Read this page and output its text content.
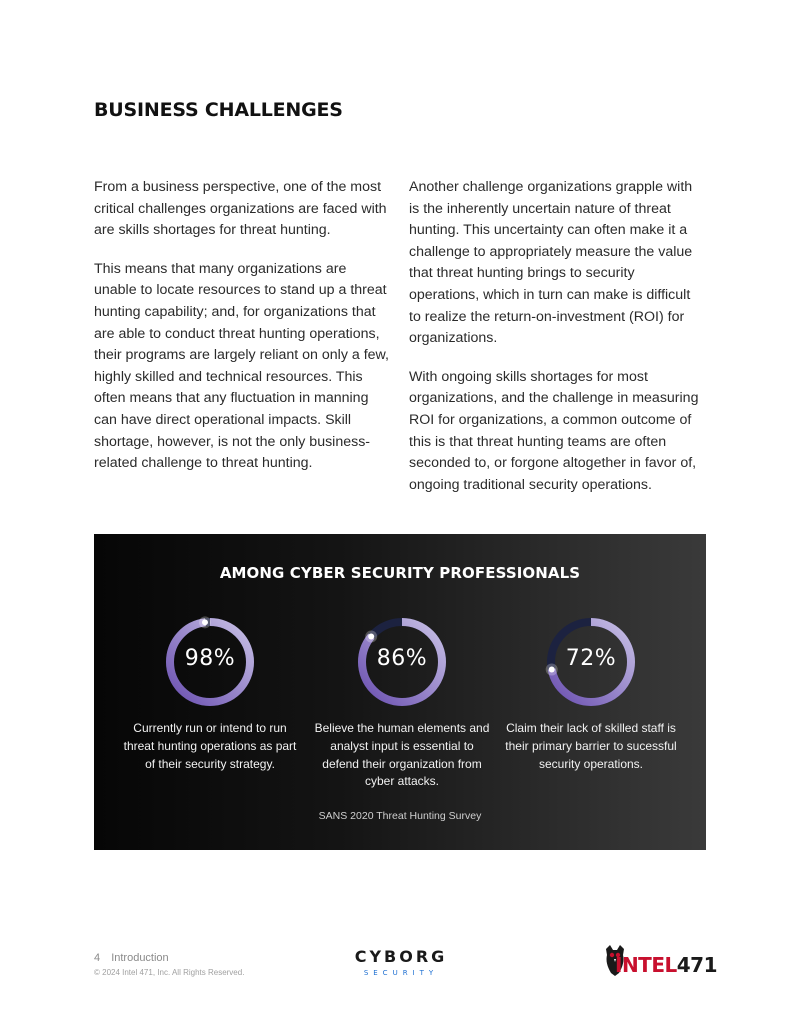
BUSINESS CHALLENGES

From a business perspective, one of the most critical challenges organizations are faced with are skills shortages for threat hunting.

This means that many organizations are unable to locate resources to stand up a threat hunting capability; and, for organizations that are able to conduct threat hunting operations, their programs are largely reliant on only a few, highly skilled and technical resources. This often means that any fluctuation in manning can have direct operational impacts. Skill shortage, however, is not the only business-related challenge to threat hunting.

Another challenge organizations grapple with is the inherently uncertain nature of threat hunting. This uncertainty can often make it a challenge to appropriately measure the value that threat hunting brings to security operations, which in turn can make is difficult to realize the return-on-investment (ROI) for organizations.

With ongoing skills shortages for most organizations, and the challenge in measuring ROI for organizations, a common outcome of this is that threat hunting teams are often seconded to, or forgone altogether in favor of, ongoing traditional security operations.

AMONG CYBER SECURITY PROFESSIONALS
98%
Currently run or intend to run threat hunting operations as part of their security strategy.
86%
Believe the human elements and analyst input is essential to defend their organization from cyber attacks.
72%
Claim their lack of skilled staff is their primary barrier to sucessful security operations.
SANS 2020 Threat Hunting Survey
4 Introduction
© 2024 Intel 471, Inc. All Rights Reserved.
CYBORG
SECURITY	INTEL471
